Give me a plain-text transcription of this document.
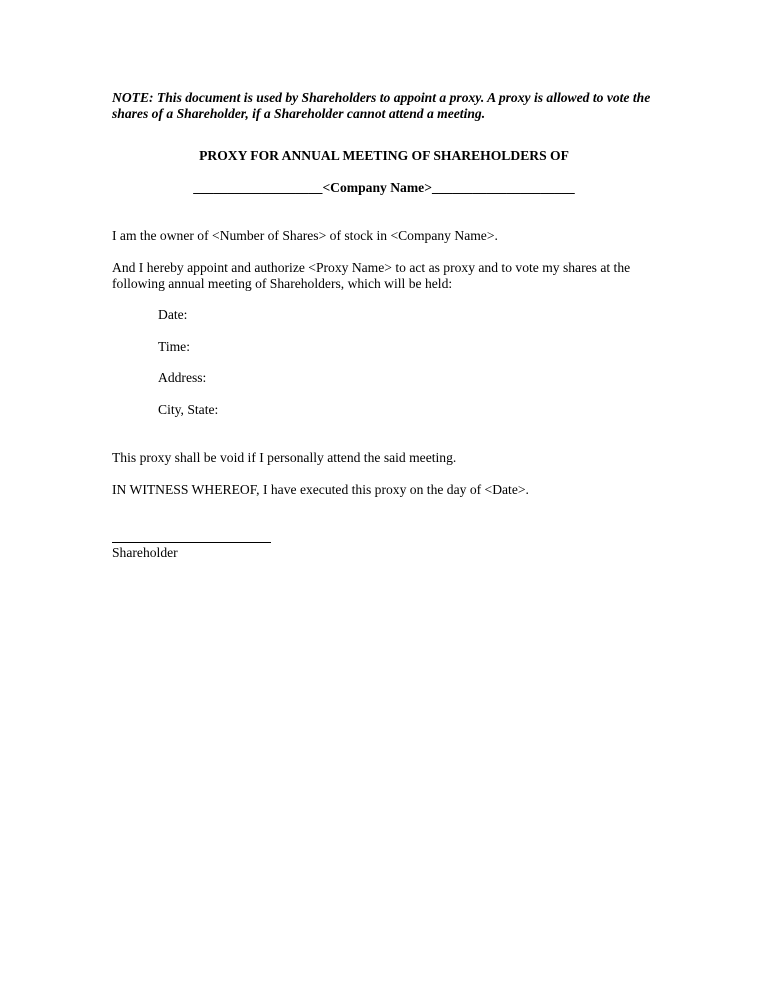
NOTE: This document is used by Shareholders to appoint a proxy. A proxy is allowed to vote the shares of a Shareholder, if a Shareholder cannot attend a meeting.
PROXY FOR ANNUAL MEETING OF SHAREHOLDERS OF
___________________<Company Name>_____________________
I am the owner of <Number of Shares> of stock in <Company Name>.
And I hereby appoint and authorize <Proxy Name> to act as proxy and to vote my shares at the following annual meeting of Shareholders, which will be held:
Date:
Time:
Address:
City, State:
This proxy shall be void if I personally attend the said meeting.
IN WITNESS WHEREOF, I have executed this proxy on the day of <Date>.
Shareholder
